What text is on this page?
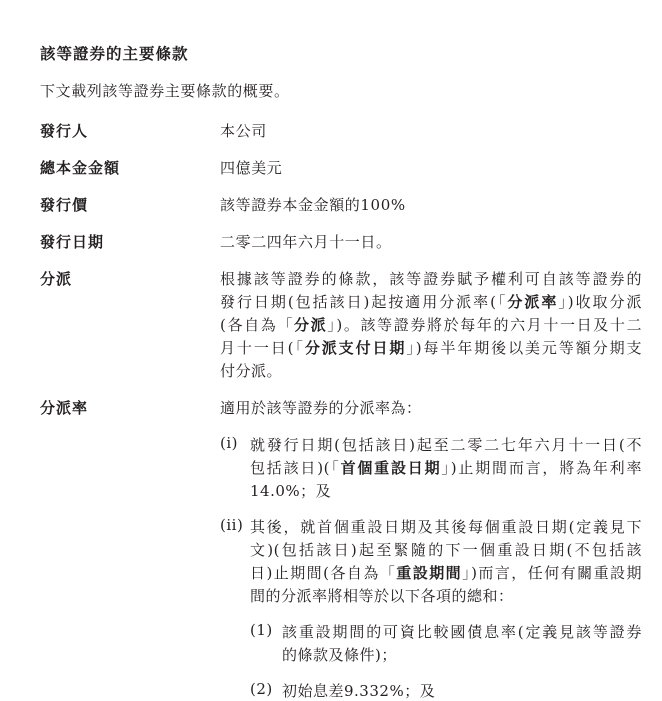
該等證券的主要條款
下文載列該等證券主要條款的概要。
發行人	本公司
總本金金額	四億美元
發行價	該等證券本金金額的100%
發行日期	二零二四年六月十一日。
分派	根據該等證券的條款，該等證券賦予權利可自該等證券的
發行日期(包括該日)起按適用分派率(「分派率」)收取分派
(各自為「分派」)。該等證券將於每年的六月十一日及十二
月十一日(「分派支付日期」)每半年期後以美元等額分期支
付分派。
分派率	適用於該等證券的分派率為：
(i) 就發行日期(包括該日)起至二零二七年六月十一日(不
包括該日)(「首個重設日期」)止期間而言，將為年利率
14.0%；及
(ii) 其後，就首個重設日期及其後每個重設日期(定義見下
文)(包括該日)起至緊隨的下一個重設日期(不包括該
日)止期間(各自為「重設期間」)而言，任何有關重設期
間的分派率將相等於以下各項的總和：
(1) 該重設期間的可資比較國債息率(定義見該等證券
的條款及條件)；
(2) 初始息差9.332%；及
